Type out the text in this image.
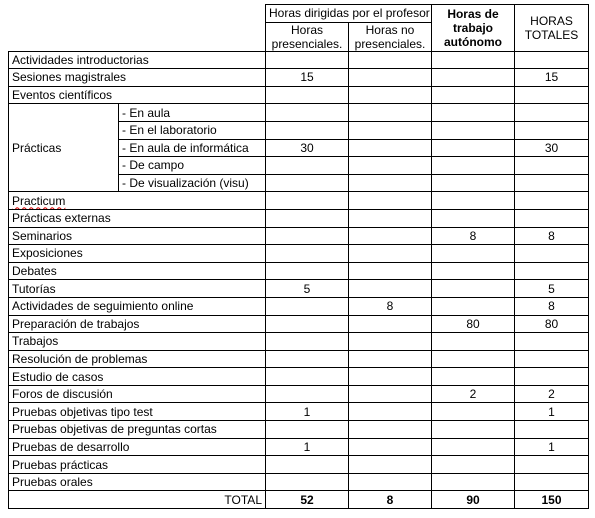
		Horas dirigidas por el profesor		Horas de
trabajo
autónomo	HORAS
TOTALES
		Horas
presenciales.	Horas no
presenciales.		
Actividades introductorias					
Sesiones magistrales		15			15
Eventos científicos					
Prácticas	- En aula				
	- En el laboratorio				
	- En aula de informática	30			30
	- De campo				
	- De visualización (visu)				
Practicum					
Prácticas externas					
Seminarios				8	8
Exposiciones					
Debates					
Tutorías		5			5
Actividades de seguimiento online			8		8
Preparación de trabajos				80	80
Trabajos					
Resolución de problemas					
Estudio de casos					
Foros de discusión				2	2
Pruebas objetivas tipo test		1			1
Pruebas objetivas de preguntas cortas					
Pruebas de desarrollo		1			1
Pruebas prácticas					
Pruebas orales					
TOTAL		52	8	90	150
